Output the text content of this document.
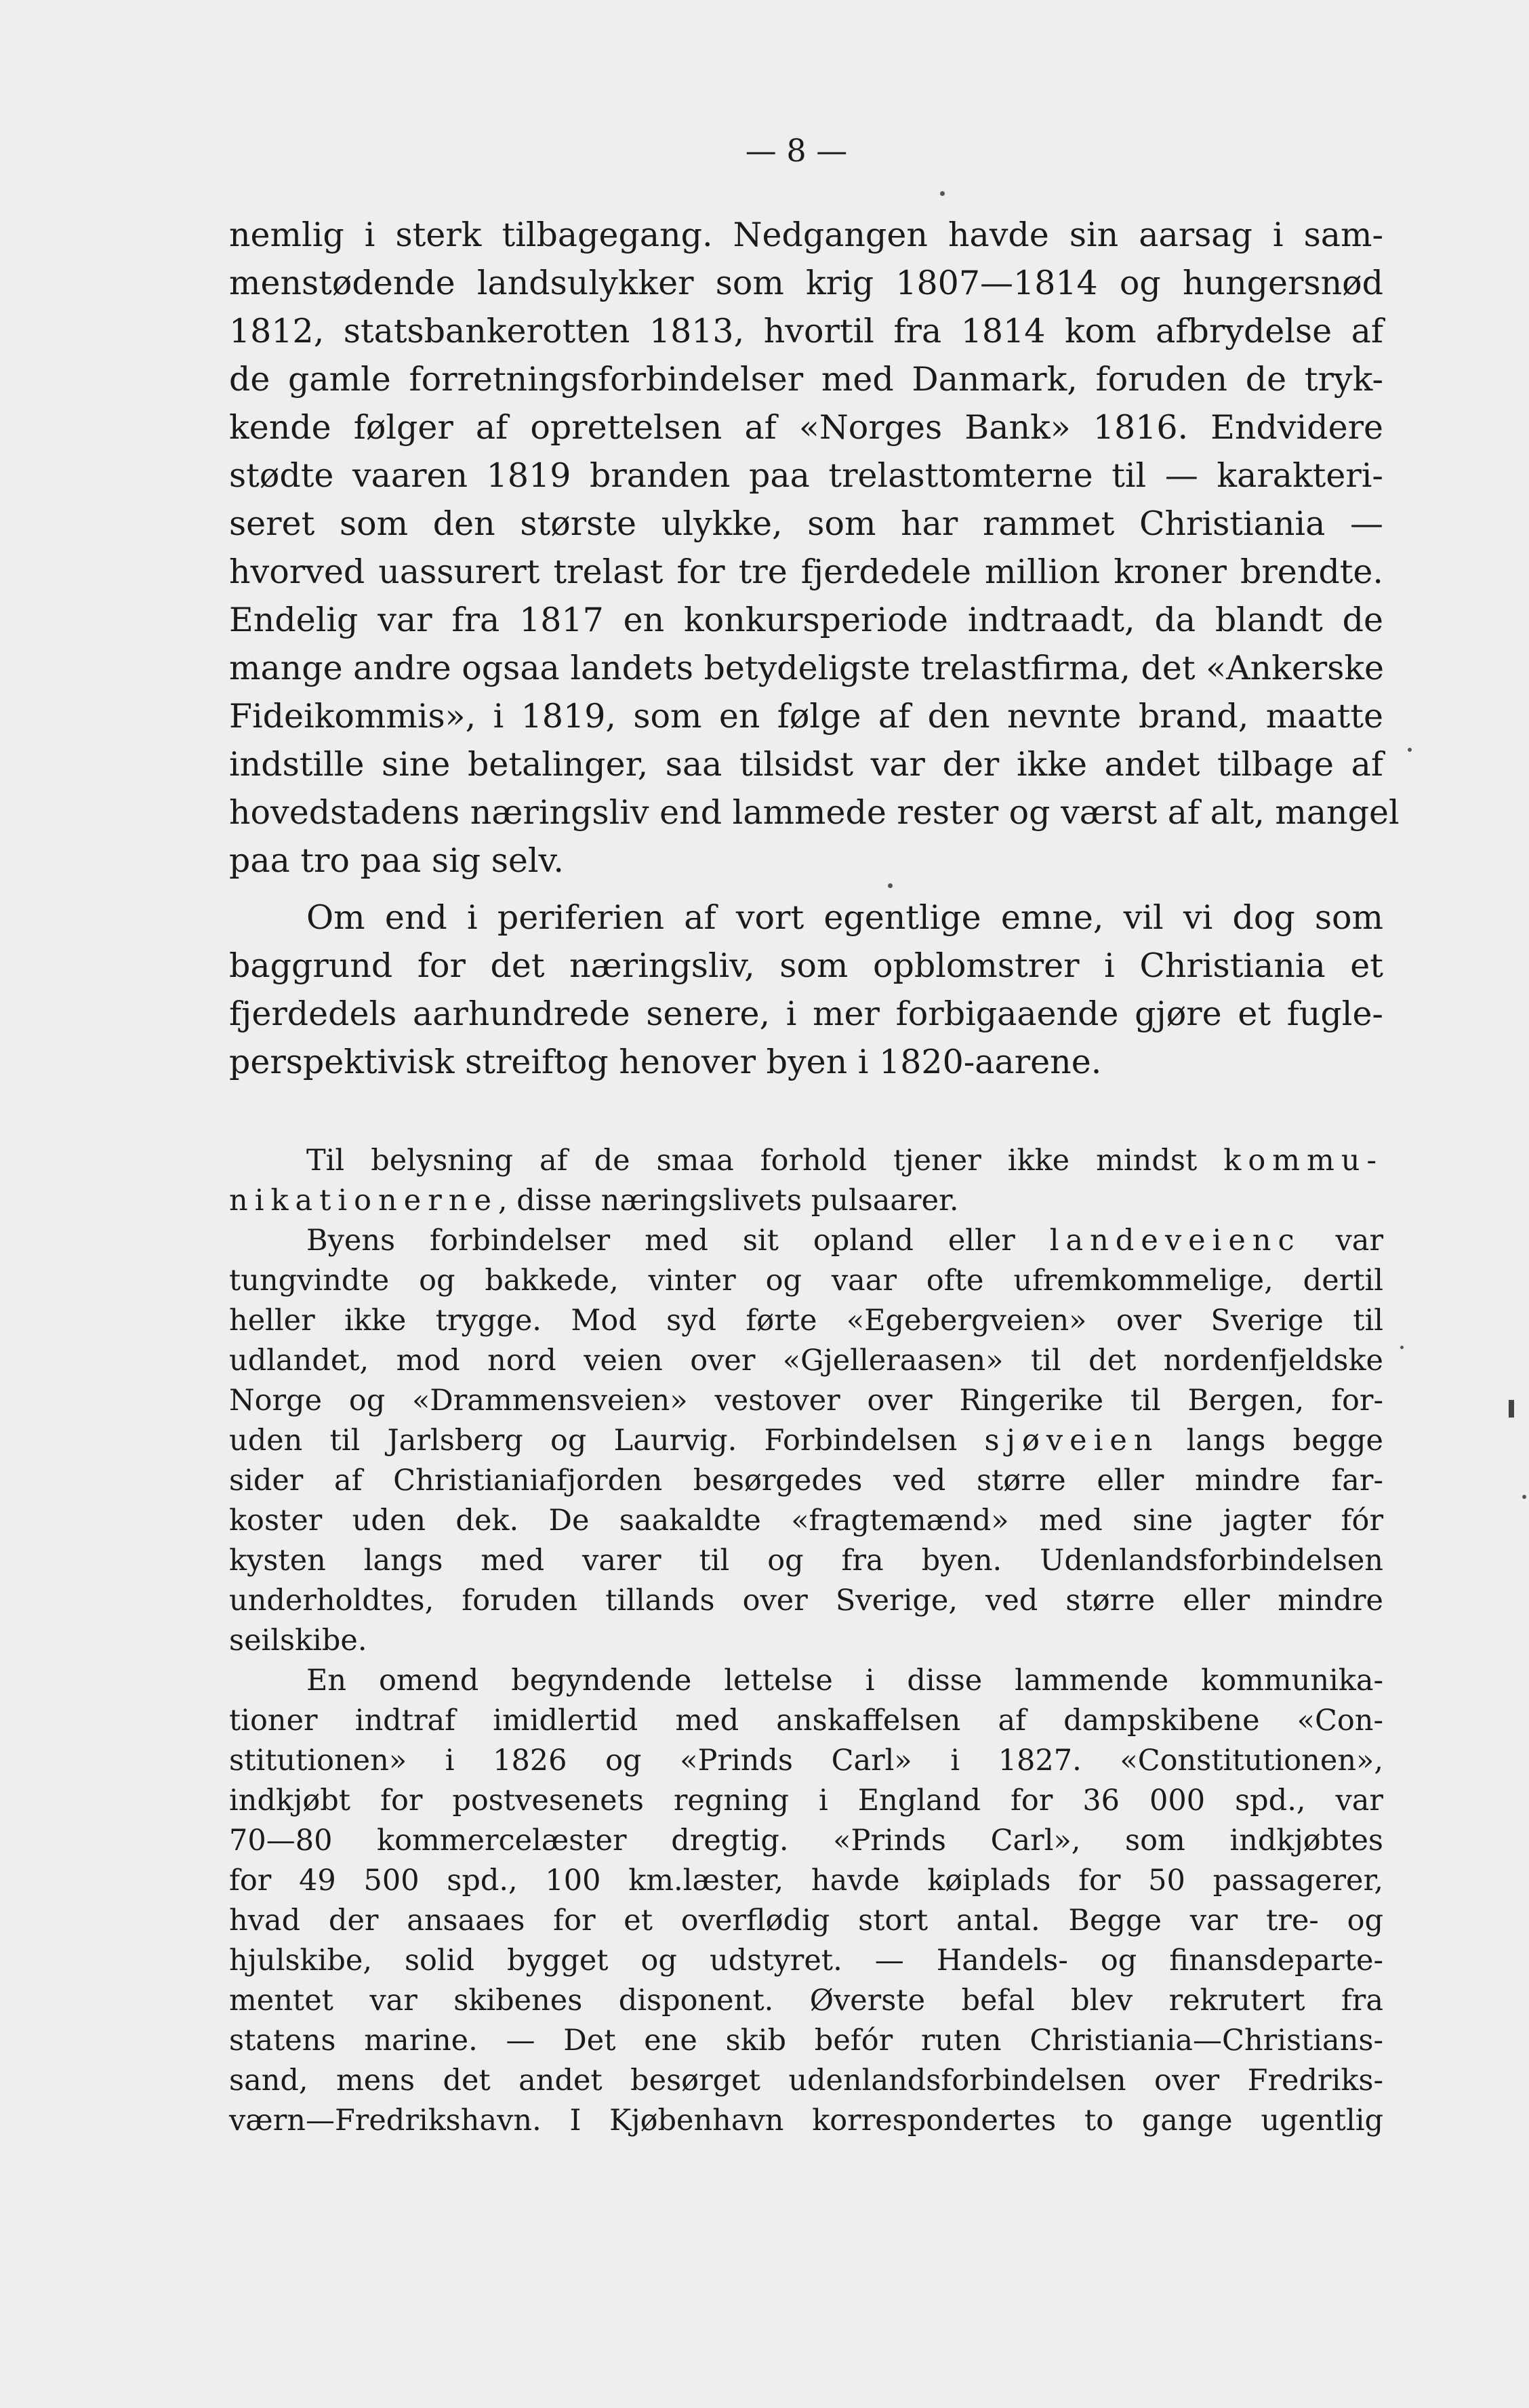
— 8 —

nemlig i sterk tilbagegang. Nedgangen havde sin aarsag i sam-

menstødende landsulykker som krig 1807—1814 og hungersnød

1812, statsbankerotten 1813, hvortil fra 1814 kom afbrydelse af

de gamle forretningsforbindelser med Danmark, foruden de tryk-

kende følger af oprettelsen af «Norges Bank» 1816. Endvidere

stødte vaaren 1819 branden paa trelasttomterne til — karakteri-

seret som den største ulykke, som har rammet Christiania —

hvorved uassurert trelast for tre fjerdedele million kroner brendte.

Endelig var fra 1817 en konkursperiode indtraadt, da blandt de

mange andre ogsaa landets betydeligste trelastfirma, det «Ankerske

Fideikommis», i 1819, som en følge af den nevnte brand, maatte

indstille sine betalinger, saa tilsidst var der ikke andet tilbage af

hovedstadens næringsliv end lammede rester og værst af alt, mangel

paa tro paa sig selv.

Om end i periferien af vort egentlige emne, vil vi dog som

baggrund for det næringsliv, som opblomstrer i Christiania et

fjerdedels aarhundrede senere, i mer forbigaaende gjøre et fugle-

perspektivisk streiftog henover byen i 1820-aarene.

Til belysning af de smaa forhold tjener ikke mindst kommu-

nikationerne, disse næringslivets pulsaarer.

Byens forbindelser med sit opland eller landeveienc var

tungvindte og bakkede, vinter og vaar ofte ufremkommelige, dertil

heller ikke trygge. Mod syd førte «Egebergveien» over Sverige til

udlandet, mod nord veien over «Gjelleraasen» til det nordenfjeldske

Norge og «Drammensveien» vestover over Ringerike til Bergen, for-

uden til Jarlsberg og Laurvig. Forbindelsen sjøveien langs begge

sider af Christianiafjorden besørgedes ved større eller mindre far-

koster uden dek. De saakaldte «fragtemænd» med sine jagter fór

kysten langs med varer til og fra byen. Udenlandsforbindelsen

underholdtes, foruden tillands over Sverige, ved større eller mindre

seilskibe.

En omend begyndende lettelse i disse lammende kommunika-

tioner indtraf imidlertid med anskaffelsen af dampskibene «Con-

stitutionen» i 1826 og «Prinds Carl» i 1827. «Constitutionen»,

indkjøbt for postvesenets regning i England for 36 000 spd., var

70—80 kommercelæster dregtig. «Prinds Carl», som indkjøbtes

for 49 500 spd., 100 km.læster, havde køiplads for 50 passagerer,

hvad der ansaaes for et overflødig stort antal. Begge var tre- og

hjulskibe, solid bygget og udstyret. — Handels- og finansdeparte-

mentet var skibenes disponent. Øverste befal blev rekrutert fra

statens marine. — Det ene skib befór ruten Christiania—Christians-

sand, mens det andet besørget udenlandsforbindelsen over Fredriks-

værn—Fredrikshavn. I Kjøbenhavn korrespondertes to gange ugentlig
